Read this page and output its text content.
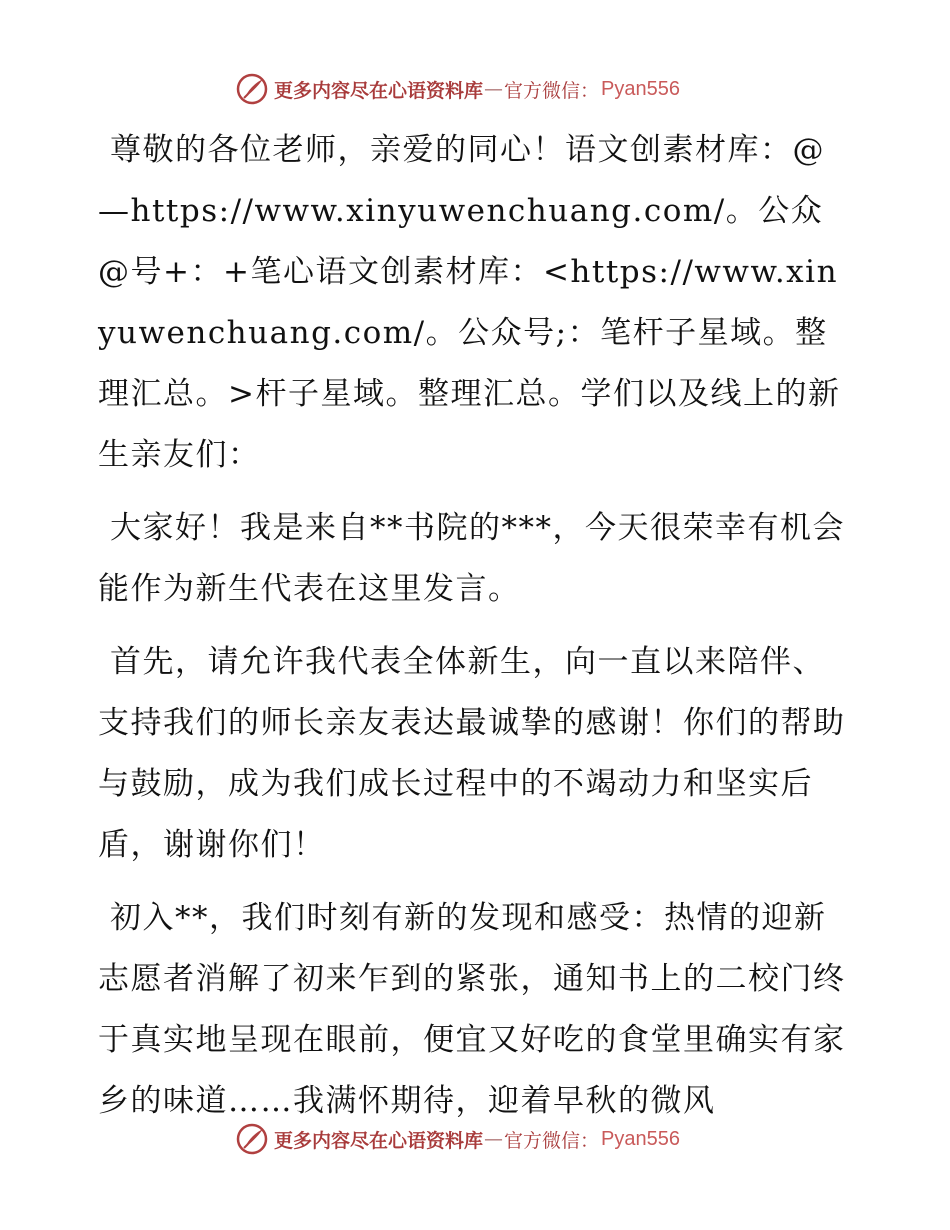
更多内容尽在心语资料库 — 官方微信： Pyan556

尊敬的各位老师，亲爱的同心！语文创素材库：@—https://www.xinyuwenchuang.com/。公众@号+：+笔心语文创素材库：<https://www.xinyuwenchuang.com/。公众号;：笔杆子星域。整理汇总。>杆子星域。整理汇总。学们以及线上的新生亲友们：

大家好！我是来自**书院的***，今天很荣幸有机会能作为新生代表在这里发言。

首先，请允许我代表全体新生，向一直以来陪伴、支持我们的师长亲友表达最诚挚的感谢！你们的帮助与鼓励，成为我们成长过程中的不竭动力和坚实后盾，谢谢你们！

初入**，我们时刻有新的发现和感受：热情的迎新志愿者消解了初来乍到的紧张，通知书上的二校门终于真实地呈现在眼前，便宜又好吃的食堂里确实有家乡的味道……我满怀期待，迎着早秋的微风

更多内容尽在心语资料库 — 官方微信： Pyan556
